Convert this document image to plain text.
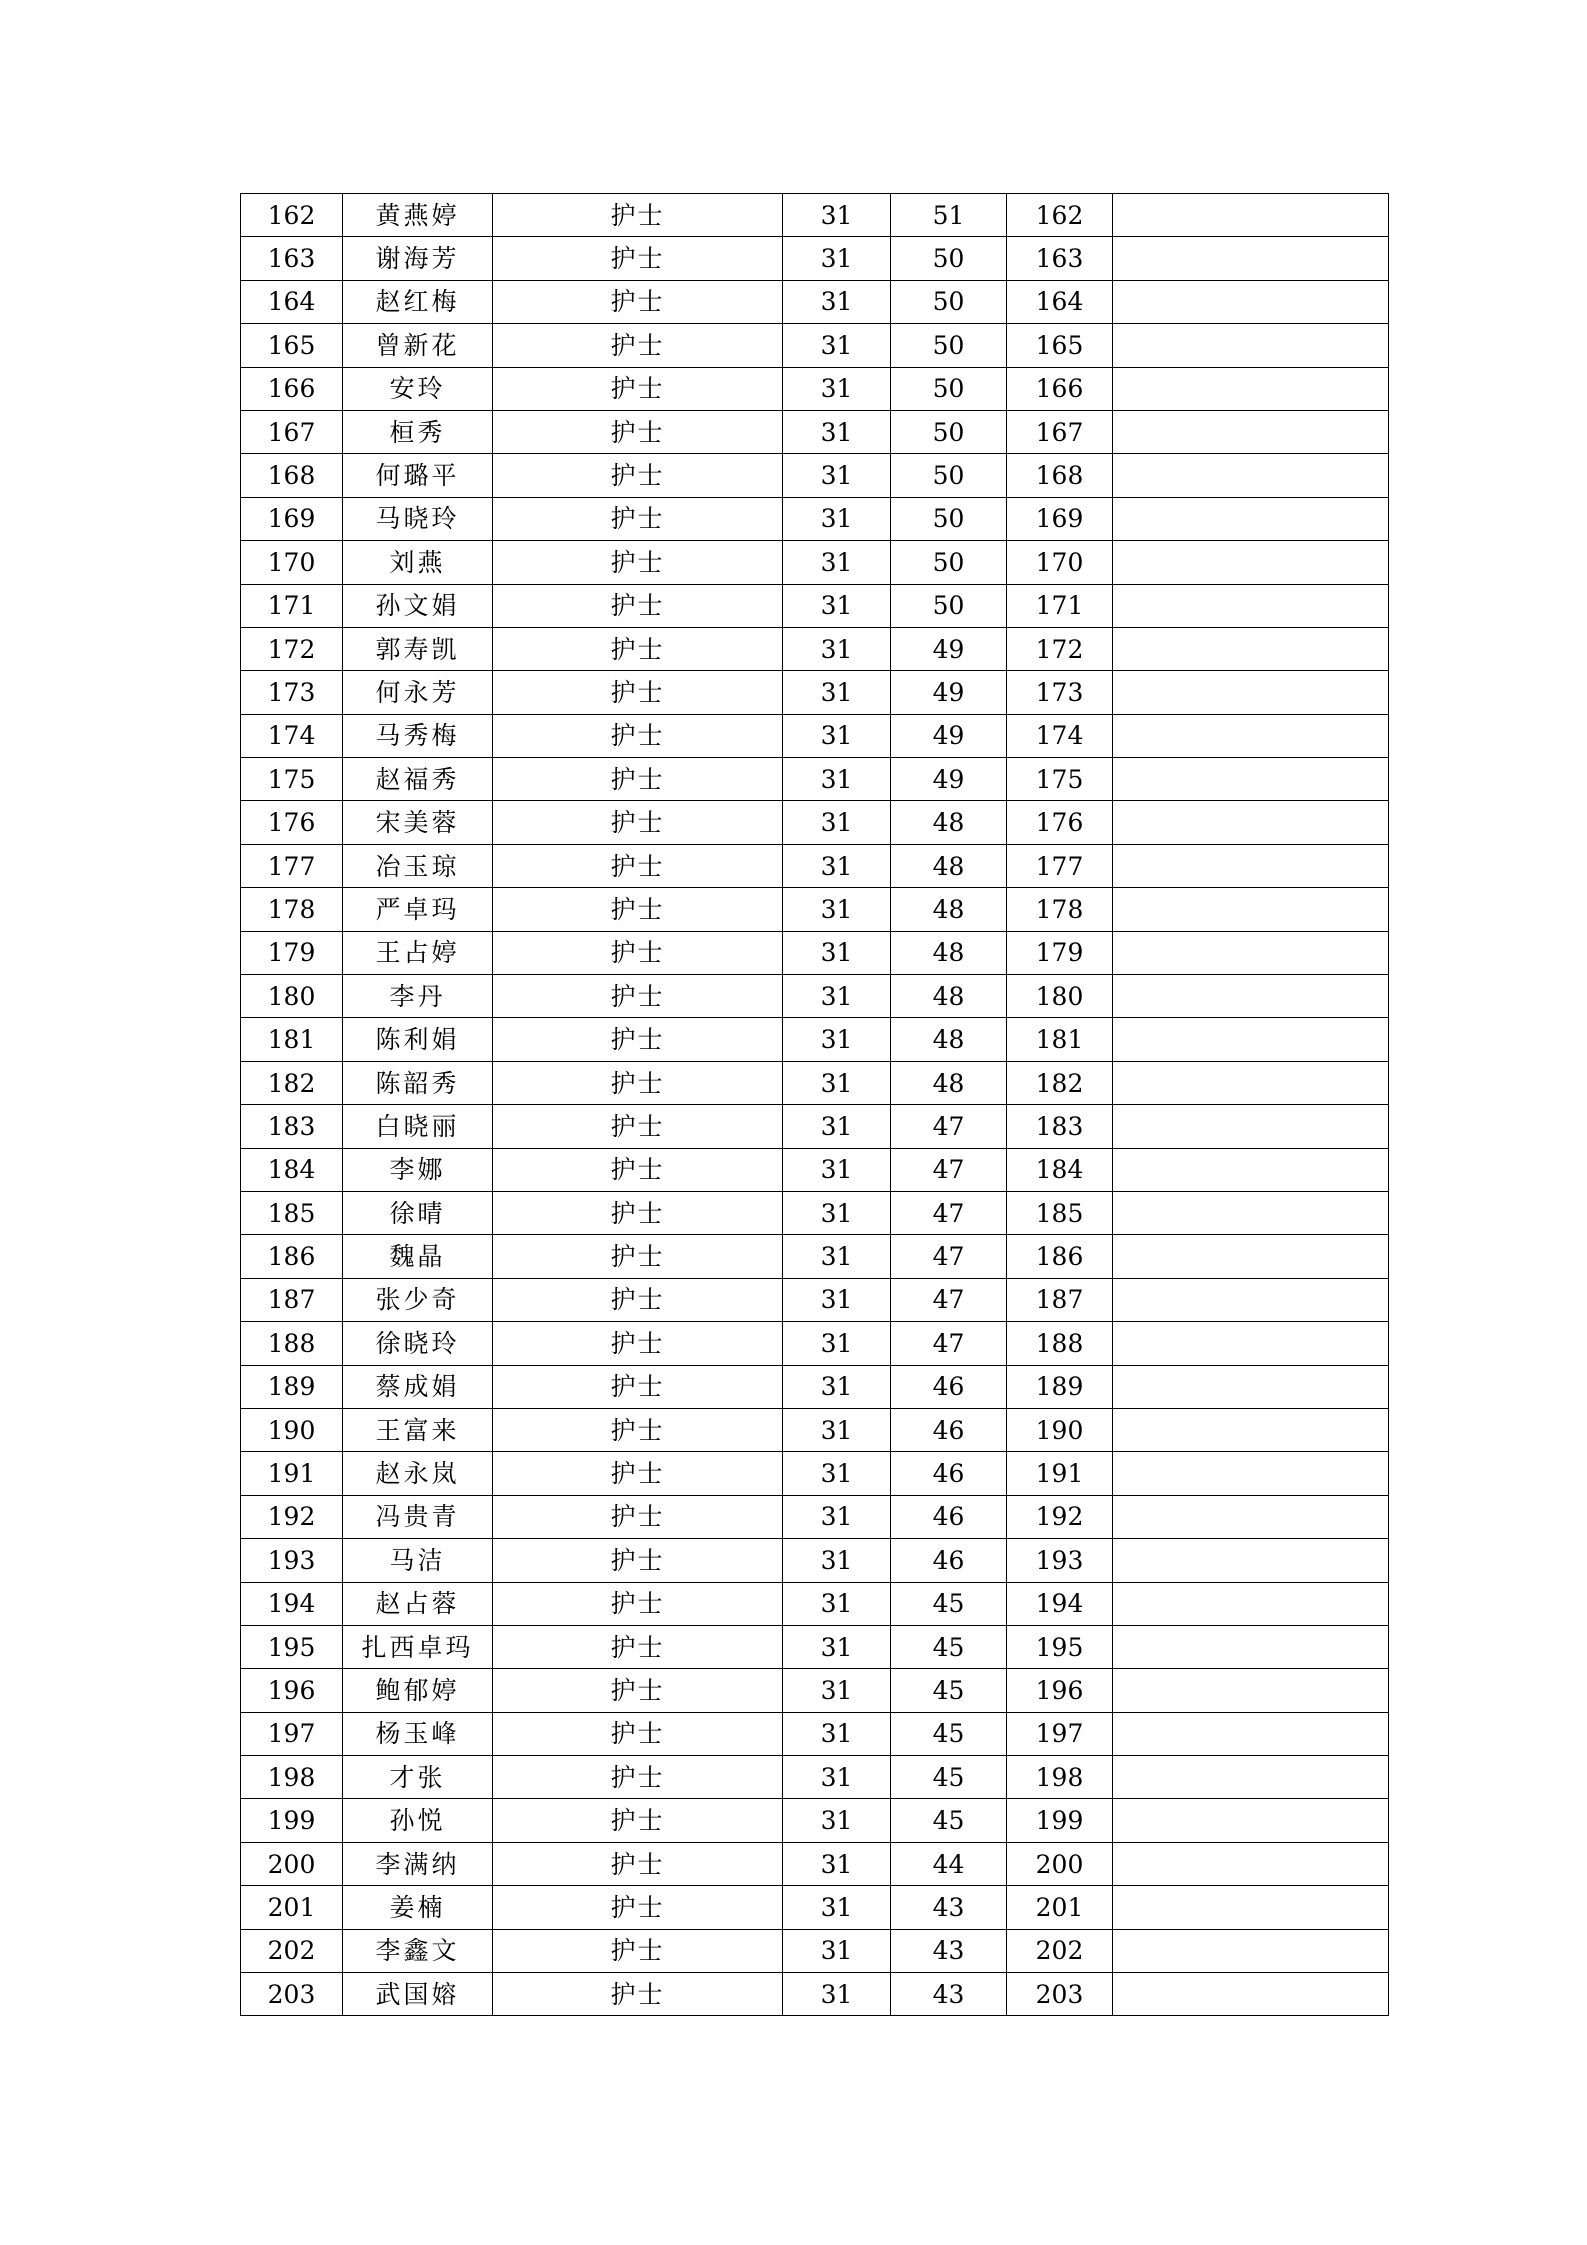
162	黄燕婷	护士	31	51	162	
163	谢海芳	护士	31	50	163	
164	赵红梅	护士	31	50	164	
165	曾新花	护士	31	50	165	
166	安玲	护士	31	50	166	
167	桓秀	护士	31	50	167	
168	何璐平	护士	31	50	168	
169	马晓玲	护士	31	50	169	
170	刘燕	护士	31	50	170	
171	孙文娟	护士	31	50	171	
172	郭寿凯	护士	31	49	172	
173	何永芳	护士	31	49	173	
174	马秀梅	护士	31	49	174	
175	赵福秀	护士	31	49	175	
176	宋美蓉	护士	31	48	176	
177	冶玉琼	护士	31	48	177	
178	严卓玛	护士	31	48	178	
179	王占婷	护士	31	48	179	
180	李丹	护士	31	48	180	
181	陈利娟	护士	31	48	181	
182	陈韶秀	护士	31	48	182	
183	白晓丽	护士	31	47	183	
184	李娜	护士	31	47	184	
185	徐晴	护士	31	47	185	
186	魏晶	护士	31	47	186	
187	张少奇	护士	31	47	187	
188	徐晓玲	护士	31	47	188	
189	蔡成娟	护士	31	46	189	
190	王富来	护士	31	46	190	
191	赵永岚	护士	31	46	191	
192	冯贵青	护士	31	46	192	
193	马洁	护士	31	46	193	
194	赵占蓉	护士	31	45	194	
195	扎西卓玛	护士	31	45	195	
196	鲍郁婷	护士	31	45	196	
197	杨玉峰	护士	31	45	197	
198	才张	护士	31	45	198	
199	孙悦	护士	31	45	199	
200	李满纳	护士	31	44	200	
201	姜楠	护士	31	43	201	
202	李鑫文	护士	31	43	202	
203	武国嫆	护士	31	43	203	
